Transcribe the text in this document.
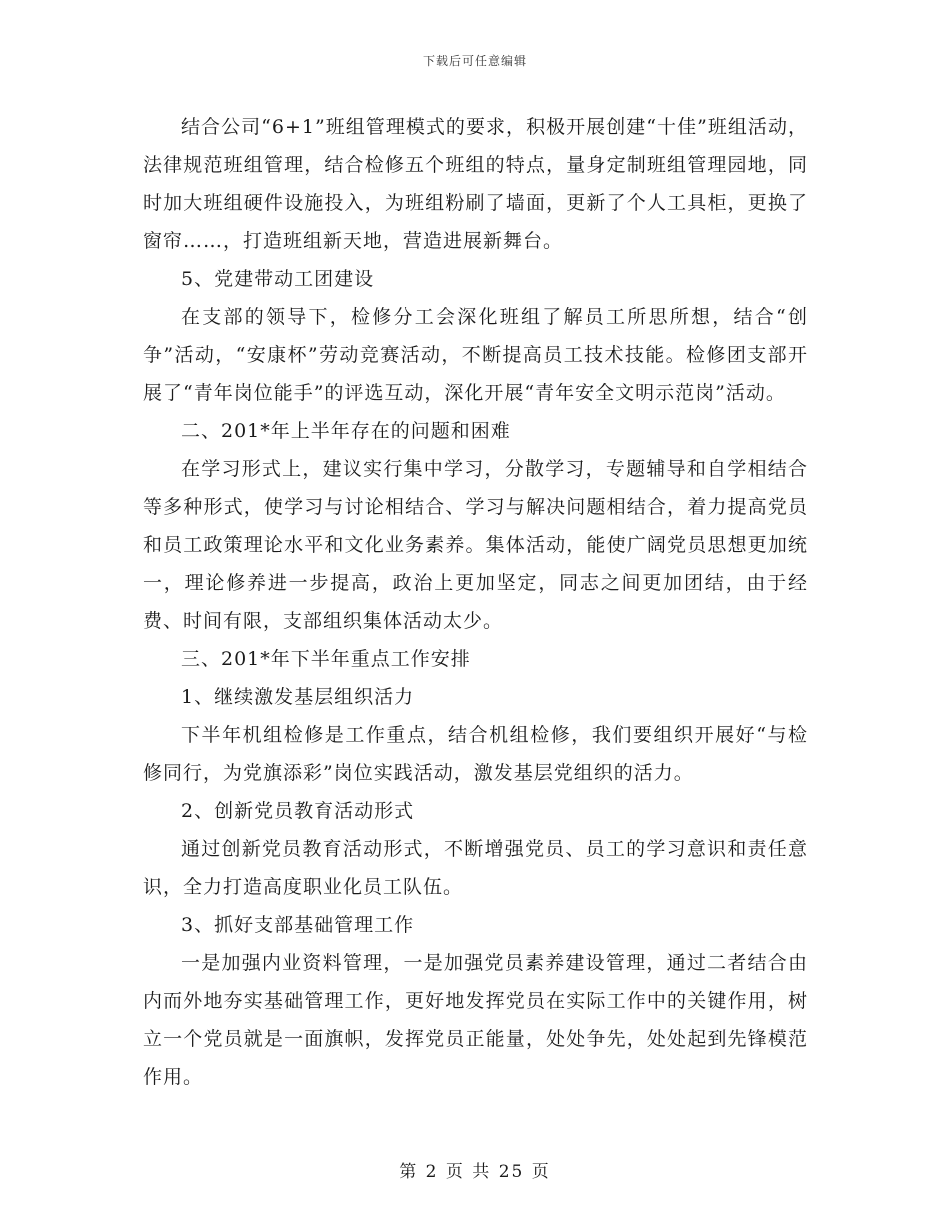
下载后可任意编辑

结合公司“6+1”班组管理模式的要求，积极开展创建“十佳”班组活动，法律规范班组管理，结合检修五个班组的特点，量身定制班组管理园地，同时加大班组硬件设施投入，为班组粉刷了墙面，更新了个人工具柜，更换了窗帘……，打造班组新天地，营造进展新舞台。

5、党建带动工团建设

在支部的领导下，检修分工会深化班组了解员工所思所想，结合“创争”活动，“安康杯”劳动竞赛活动，不断提高员工技术技能。检修团支部开展了“青年岗位能手”的评选互动，深化开展“青年安全文明示范岗”活动。

二、201*年上半年存在的问题和困难

在学习形式上，建议实行集中学习，分散学习，专题辅导和自学相结合等多种形式，使学习与讨论相结合、学习与解决问题相结合，着力提高党员和员工政策理论水平和文化业务素养。集体活动，能使广阔党员思想更加统一，理论修养进一步提高，政治上更加坚定，同志之间更加团结，由于经费、时间有限，支部组织集体活动太少。

三、201*年下半年重点工作安排

1、继续激发基层组织活力

下半年机组检修是工作重点，结合机组检修，我们要组织开展好“与检修同行，为党旗添彩”岗位实践活动，激发基层党组织的活力。

2、创新党员教育活动形式

通过创新党员教育活动形式，不断增强党员、员工的学习意识和责任意识，全力打造高度职业化员工队伍。

3、抓好支部基础管理工作

一是加强内业资料管理，一是加强党员素养建设管理，通过二者结合由内而外地夯实基础管理工作，更好地发挥党员在实际工作中的关键作用，树立一个党员就是一面旗帜，发挥党员正能量，处处争先，处处起到先锋模范作用。

第 2 页 共 25 页
